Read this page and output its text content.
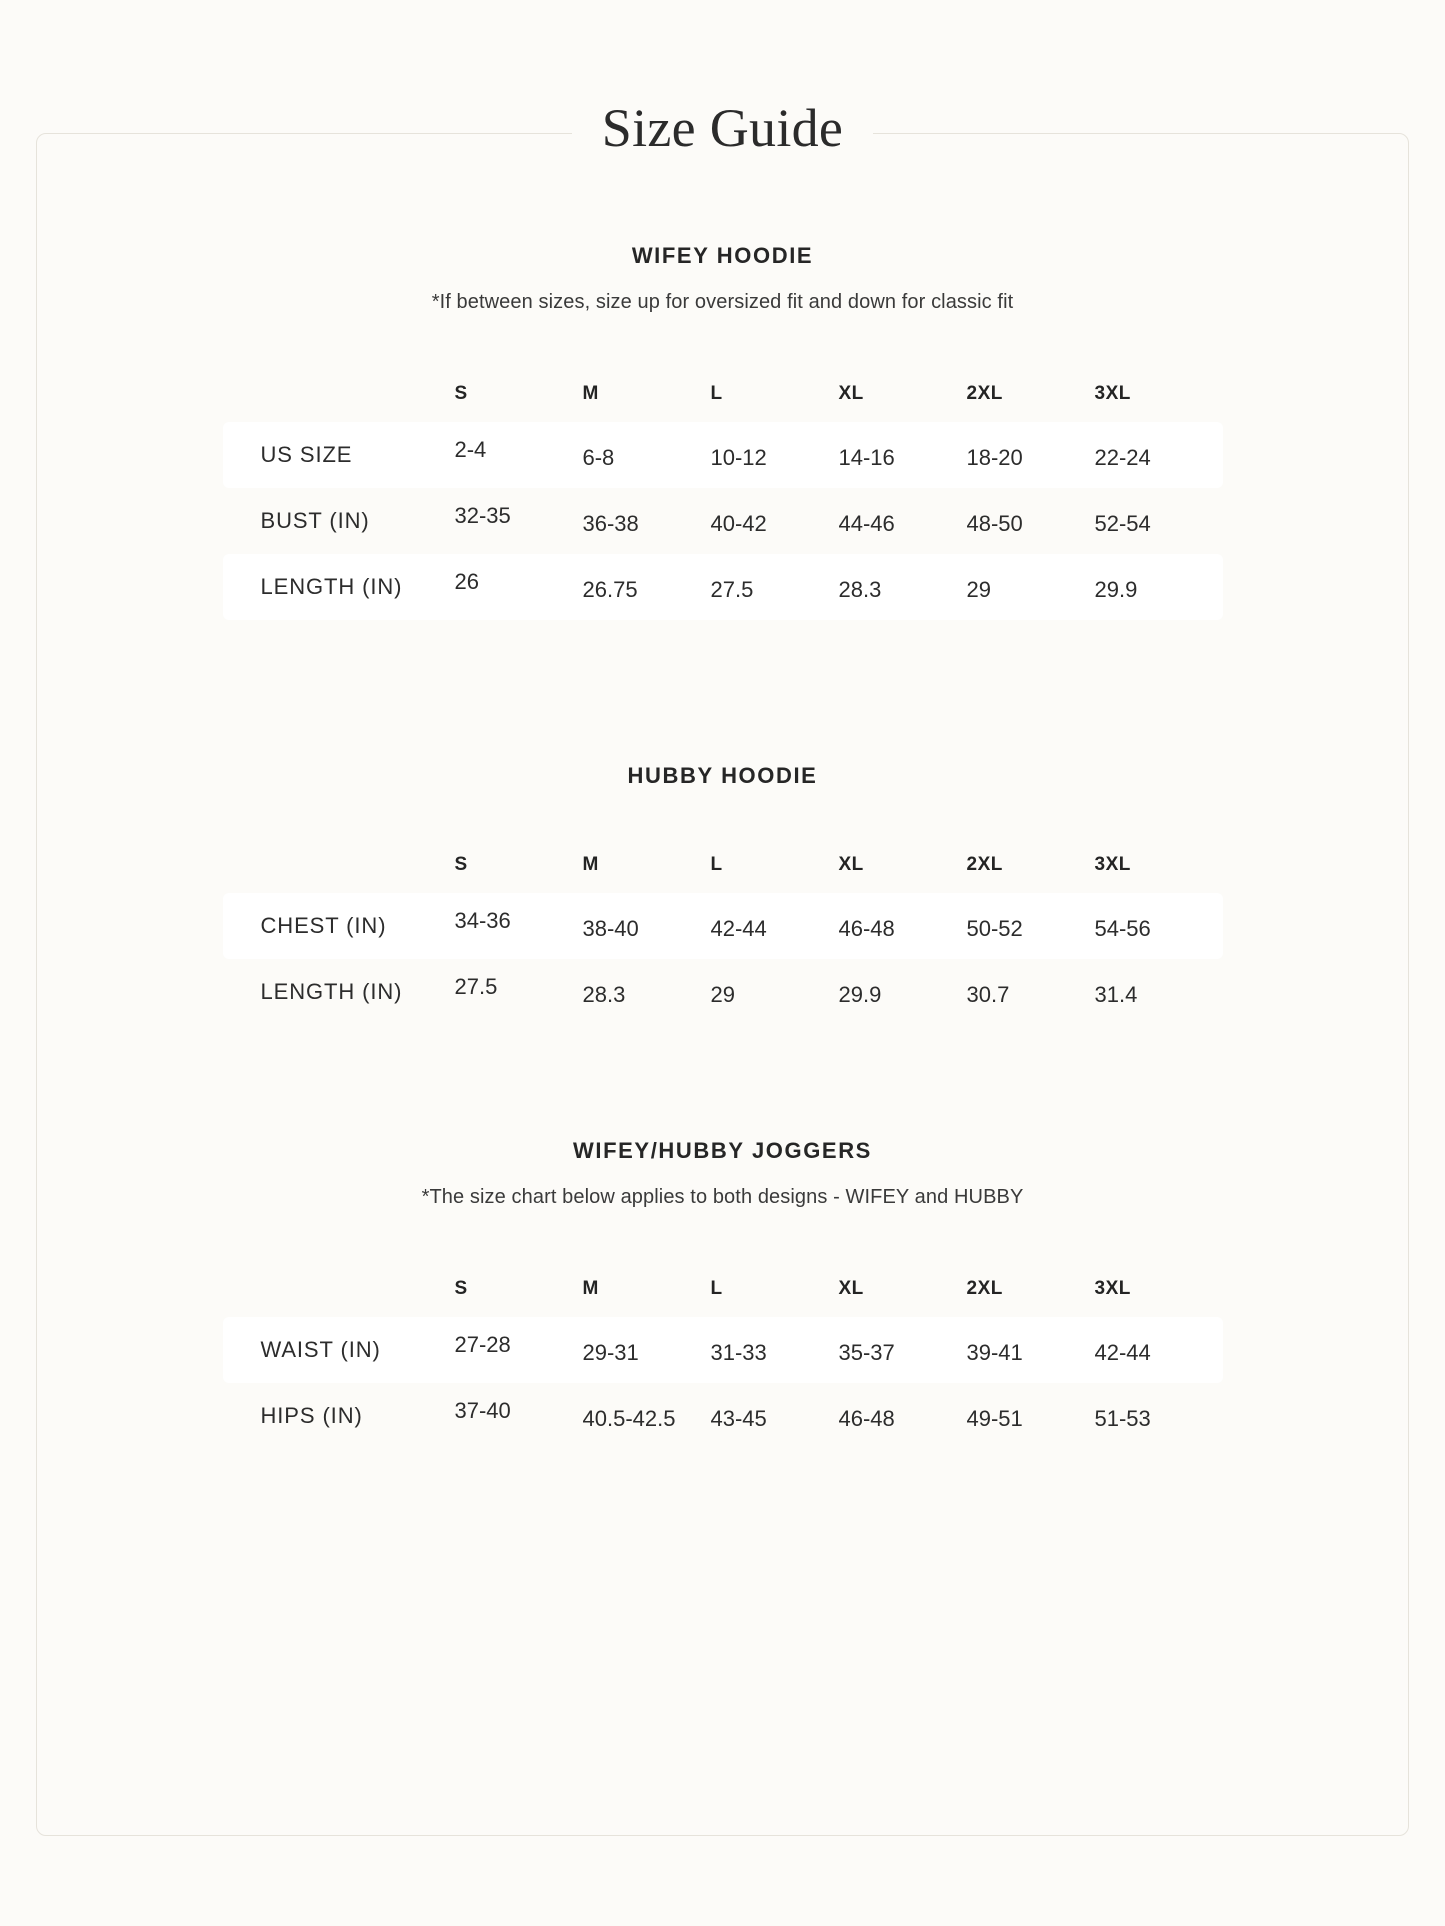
Size Guide
WIFEY HOODIE
*If between sizes, size up for oversized fit and down for classic fit
	S	M	L	XL	2XL	3XL
US SIZE	2-4	6-8	10-12	14-16	18-20	22-24

BUST (IN)	32-35	36-38	40-42	44-46	48-50	52-54

LENGTH (IN)	26	26.75	27.5	28.3	29	29.9
HUBBY HOODIE
	S	M	L	XL	2XL	3XL
CHEST (IN)	34-36	38-40	42-44	46-48	50-52	54-56

LENGTH (IN)	27.5	28.3	29	29.9	30.7	31.4
WIFEY/HUBBY JOGGERS
*The size chart below applies to both designs - WIFEY and HUBBY
	S	M	L	XL	2XL	3XL
WAIST (IN)	27-28	29-31	31-33	35-37	39-41	42-44

HIPS (IN)	37-40	40.5-42.5	43-45	46-48	49-51	51-53
